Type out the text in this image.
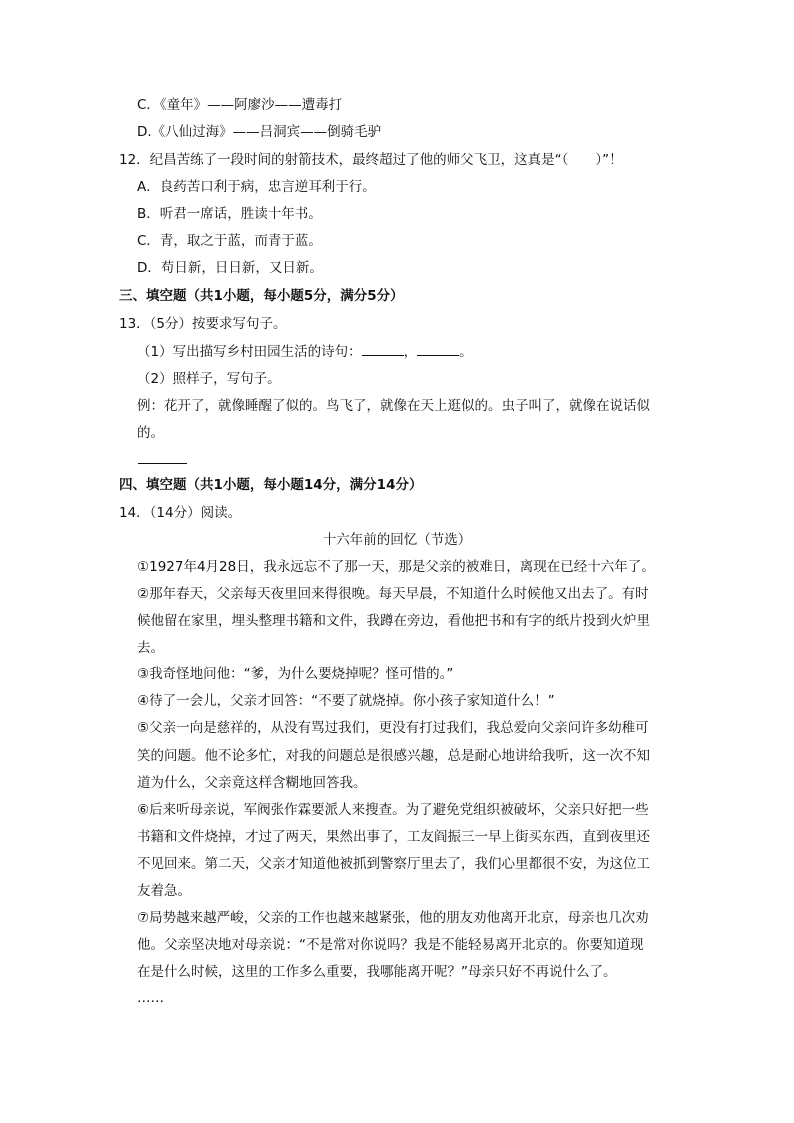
C．《童年》——阿廖沙——遭毒打
D.《八仙过海》——吕洞宾——倒骑毛驴
12．纪昌苦练了一段时间的射箭技术，最终超过了他的师父飞卫，这真是“（　　）”！
A．良药苦口利于病，忠言逆耳利于行。
B．听君一席话，胜读十年书。
C．青，取之于蓝，而青于蓝。
D．苟日新，日日新，又日新。
三、填空题（共1小题，每小题5分，满分5分）
13．（5分）按要求写句子。
（1）写出描写乡村田园生活的诗句：	，	。
（2）照样子，写句子。
例：花开了，就像睡醒了似的。鸟飞了，就像在天上逛似的。虫子叫了，就像在说话似
的。
四、填空题（共1小题，每小题14分，满分14分）
14．（14分）阅读。
十六年前的回忆（节选）
①1927年4月28日，我永远忘不了那一天，那是父亲的被难日，离现在已经十六年了。
②那年春天，父亲每天夜里回来得很晚。每天早晨，不知道什么时候他又出去了。有时
候他留在家里，埋头整理书籍和文件，我蹲在旁边，看他把书和有字的纸片投到火炉里
去。
③我奇怪地问他：“爹，为什么要烧掉呢？怪可惜的。”
④待了一会儿，父亲才回答：“不要了就烧掉。你小孩子家知道什么！”
⑤父亲一向是慈祥的，从没有骂过我们，更没有打过我们，我总爱向父亲问许多幼稚可
笑的问题。他不论多忙，对我的问题总是很感兴趣，总是耐心地讲给我听，这一次不知
道为什么，父亲竟这样含糊地回答我。
⑥后来听母亲说，军阀张作霖要派人来搜查。为了避免党组织被破坏，父亲只好把一些
书籍和文件烧掉，才过了两天，果然出事了，工友阎振三一早上街买东西，直到夜里还
不见回来。第二天，父亲才知道他被抓到警察厅里去了，我们心里都很不安，为这位工
友着急。
⑦局势越来越严峻，父亲的工作也越来越紧张，他的朋友劝他离开北京，母亲也几次劝
他。父亲坚决地对母亲说：“不是常对你说吗？我是不能轻易离开北京的。你要知道现
在是什么时候，这里的工作多么重要，我哪能离开呢？”母亲只好不再说什么了。
……
